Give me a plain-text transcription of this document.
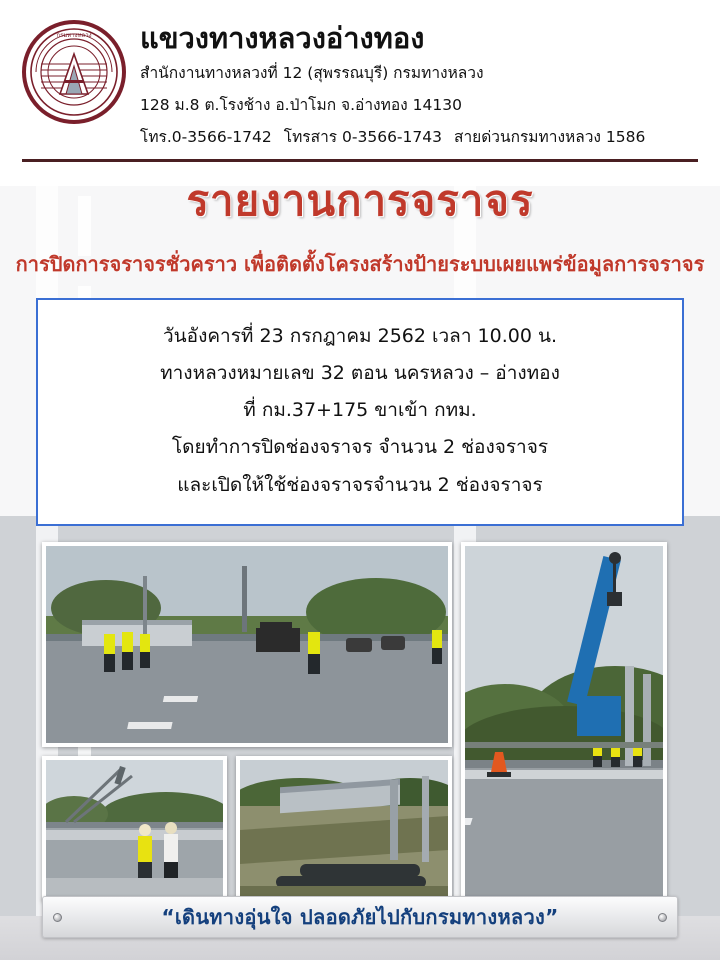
กรมทางหลวง แขวงทางหลวงอ่างทอง
สำนักงานทางหลวงที่ 12 (สุพรรณบุรี) กรมทางหลวง
128 ม.8 ต.โรงช้าง อ.ป่าโมก จ.อ่างทอง 14130
โทร.0-3566-1742 โทรสาร 0-3566-1743 สายด่วนกรมทางหลวง 1586
รายงานการจราจร
การปิดการจราจรชั่วคราว เพื่อติดตั้งโครงสร้างป้ายระบบเผยแพร่ข้อมูลการจราจร
วันอังคารที่ 23 กรกฎาคม 2562 เวลา 10.00 น.
ทางหลวงหมายเลข 32 ตอน นครหลวง – อ่างทอง
ที่ กม.37+175 ขาเข้า กทม.
โดยทำการปิดช่องจราจร จำนวน 2 ช่องจราจร
และเปิดให้ใช้ช่องจราจรจำนวน 2 ช่องจราจร
“เดินทางอุ่นใจ ปลอดภัยไปกับกรมทางหลวง”
